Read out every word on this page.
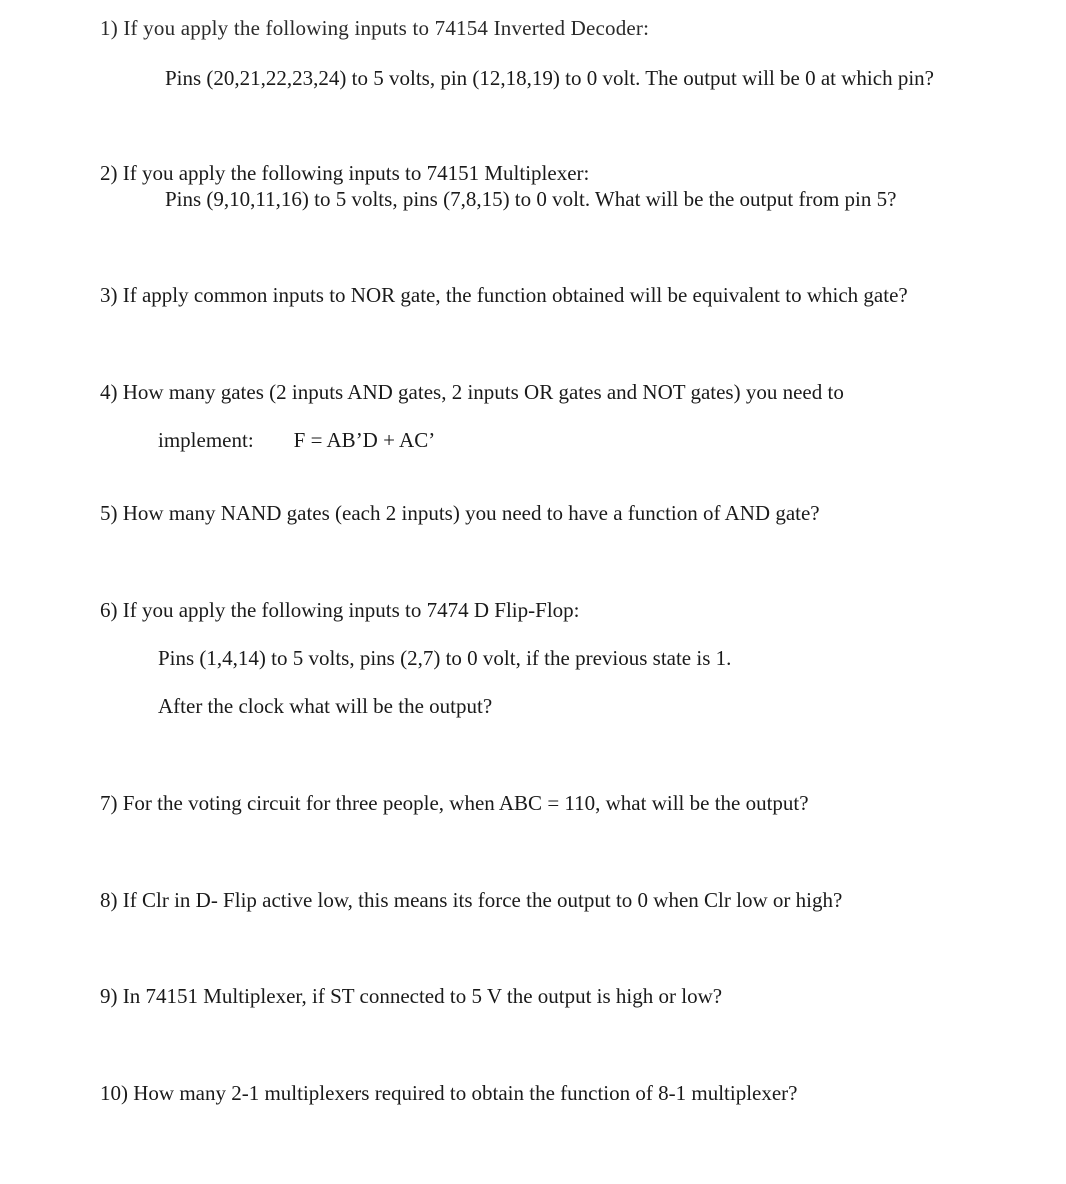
1) If you apply the following inputs to 74154 Inverted Decoder:
Pins (20,21,22,23,24) to 5 volts, pin (12,18,19) to 0 volt. The output will be 0 at which pin?
2) If you apply the following inputs to 74151 Multiplexer:
Pins (9,10,11,16) to 5 volts, pins (7,8,15) to 0 volt. What will be the output from pin 5?
3) If apply common inputs to NOR gate, the function obtained will be equivalent to which gate?
4) How many gates (2 inputs AND gates, 2 inputs OR gates and NOT gates) you need to
implement: F = AB’D + AC’
5) How many NAND gates (each 2 inputs) you need to have a function of AND gate?
6) If you apply the following inputs to 7474 D Flip-Flop:
Pins (1,4,14) to 5 volts, pins (2,7) to 0 volt, if the previous state is 1.
After the clock what will be the output?
7) For the voting circuit for three people, when ABC = 110, what will be the output?
8) If Clr in D- Flip active low, this means its force the output to 0 when Clr low or high?
9) In 74151 Multiplexer, if ST connected to 5 V the output is high or low?
10) How many 2-1 multiplexers required to obtain the function of 8-1 multiplexer?
